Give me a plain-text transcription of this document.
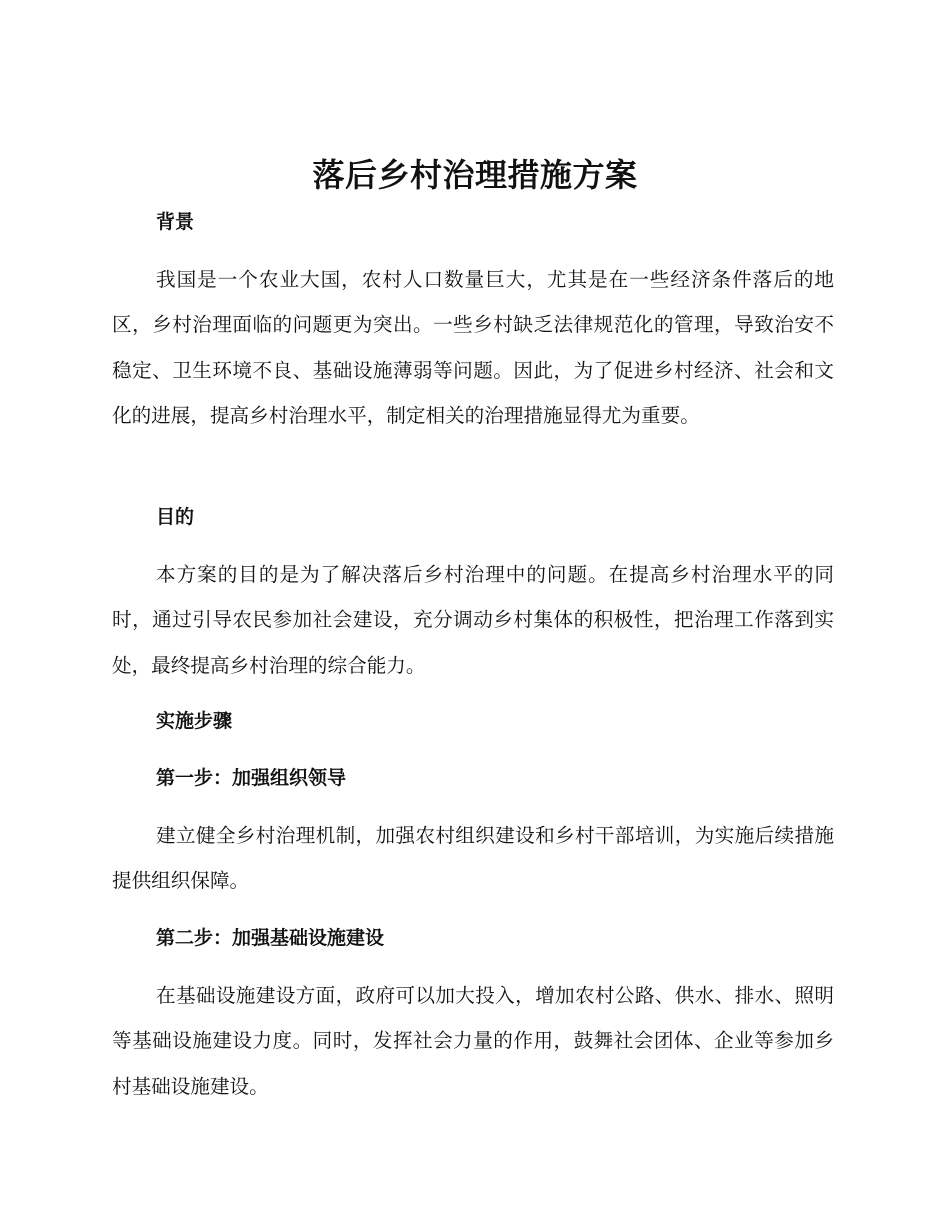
落后乡村治理措施方案
背景

我国是一个农业大国，农村人口数量巨大，尤其是在一些经济条件落后的地区，乡村治理面临的问题更为突出。一些乡村缺乏法律规范化的管理，导致治安不稳定、卫生环境不良、基础设施薄弱等问题。因此，为了促进乡村经济、社会和文化的进展，提高乡村治理水平，制定相关的治理措施显得尤为重要。

目的

本方案的目的是为了解决落后乡村治理中的问题。在提高乡村治理水平的同时，通过引导农民参加社会建设，充分调动乡村集体的积极性，把治理工作落到实处，最终提高乡村治理的综合能力。

实施步骤
第一步：加强组织领导

建立健全乡村治理机制，加强农村组织建设和乡村干部培训，为实施后续措施提供组织保障。

第二步：加强基础设施建设

在基础设施建设方面，政府可以加大投入，增加农村公路、供水、排水、照明等基础设施建设力度。同时，发挥社会力量的作用，鼓舞社会团体、企业等参加乡村基础设施建设。
